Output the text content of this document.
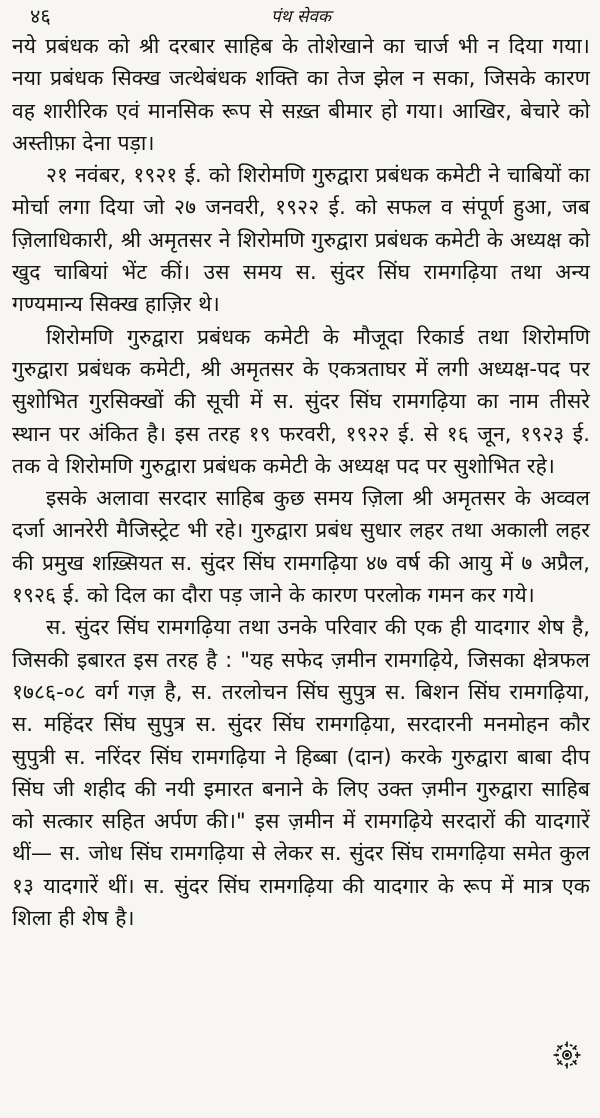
४६	पंथ सेवक

नये प्रबंधक को श्री दरबार साहिब के तोशेखाने का चार्ज भी न दिया गया। नया प्रबंधक सिक्ख जत्थेबंधक शक्ति का तेज झेल न सका, जिसके कारण वह शारीरिक एवं मानसिक रूप से सख़्त बीमार हो गया। आखिर, बेचारे को अस्तीफ़ा देना पड़ा।

२१ नवंबर, १९२१ ई. को शिरोमणि गुरुद्वारा प्रबंधक कमेटी ने चाबियों का मोर्चा लगा दिया जो २७ जनवरी, १९२२ ई. को सफल व संपूर्ण हुआ, जब ज़िलाधिकारी, श्री अमृतसर ने शिरोमणि गुरुद्वारा प्रबंधक कमेटी के अध्यक्ष को खुद चाबियां भेंट कीं। उस समय स. सुंदर सिंघ रामगढ़िया तथा अन्य गण्यमान्य सिक्ख हाज़िर थे।

शिरोमणि गुरुद्वारा प्रबंधक कमेटी के मौजूदा रिकार्ड तथा शिरोमणि गुरुद्वारा प्रबंधक कमेटी, श्री अमृतसर के एकत्रताघर में लगी अध्यक्ष-पद पर सुशोभित गुरसिक्खों की सूची में स. सुंदर सिंघ रामगढ़िया का नाम तीसरे स्थान पर अंकित है। इस तरह १९ फरवरी, १९२२ ई. से १६ जून, १९२३ ई. तक वे शिरोमणि गुरुद्वारा प्रबंधक कमेटी के अध्यक्ष पद पर सुशोभित रहे।

इसके अलावा सरदार साहिब कुछ समय ज़िला श्री अमृतसर के अव्वल दर्जा आनरेरी मैजिस्ट्रेट भी रहे। गुरुद्वारा प्रबंध सुधार लहर तथा अकाली लहर की प्रमुख शख़्सियत स. सुंदर सिंघ रामगढ़िया ४७ वर्ष की आयु में ७ अप्रैल, १९२६ ई. को दिल का दौरा पड़ जाने के कारण परलोक गमन कर गये।

स. सुंदर सिंघ रामगढ़िया तथा उनके परिवार की एक ही यादगार शेष है, जिसकी इबारत इस तरह है : "यह सफेद ज़मीन रामगढ़िये, जिसका क्षेत्रफल १७८६-०८ वर्ग गज़ है, स. तरलोचन सिंघ सुपुत्र स. बिशन सिंघ रामगढ़िया, स. महिंदर सिंघ सुपुत्र स. सुंदर सिंघ रामगढ़िया, सरदारनी मनमोहन कौर सुपुत्री स. नरिंदर सिंघ रामगढ़िया ने हिब्बा (दान) करके गुरुद्वारा बाबा दीप सिंघ जी शहीद की नयी इमारत बनाने के लिए उक्त ज़मीन गुरुद्वारा साहिब को सत्कार सहित अर्पण की।" इस ज़मीन में रामगढ़िये सरदारों की यादगारें थीं— स. जोध सिंघ रामगढ़िया से लेकर स. सुंदर सिंघ रामगढ़िया समेत कुल १३ यादगारें थीं। स. सुंदर सिंघ रामगढ़िया की यादगार के रूप में मात्र एक शिला ही शेष है।
